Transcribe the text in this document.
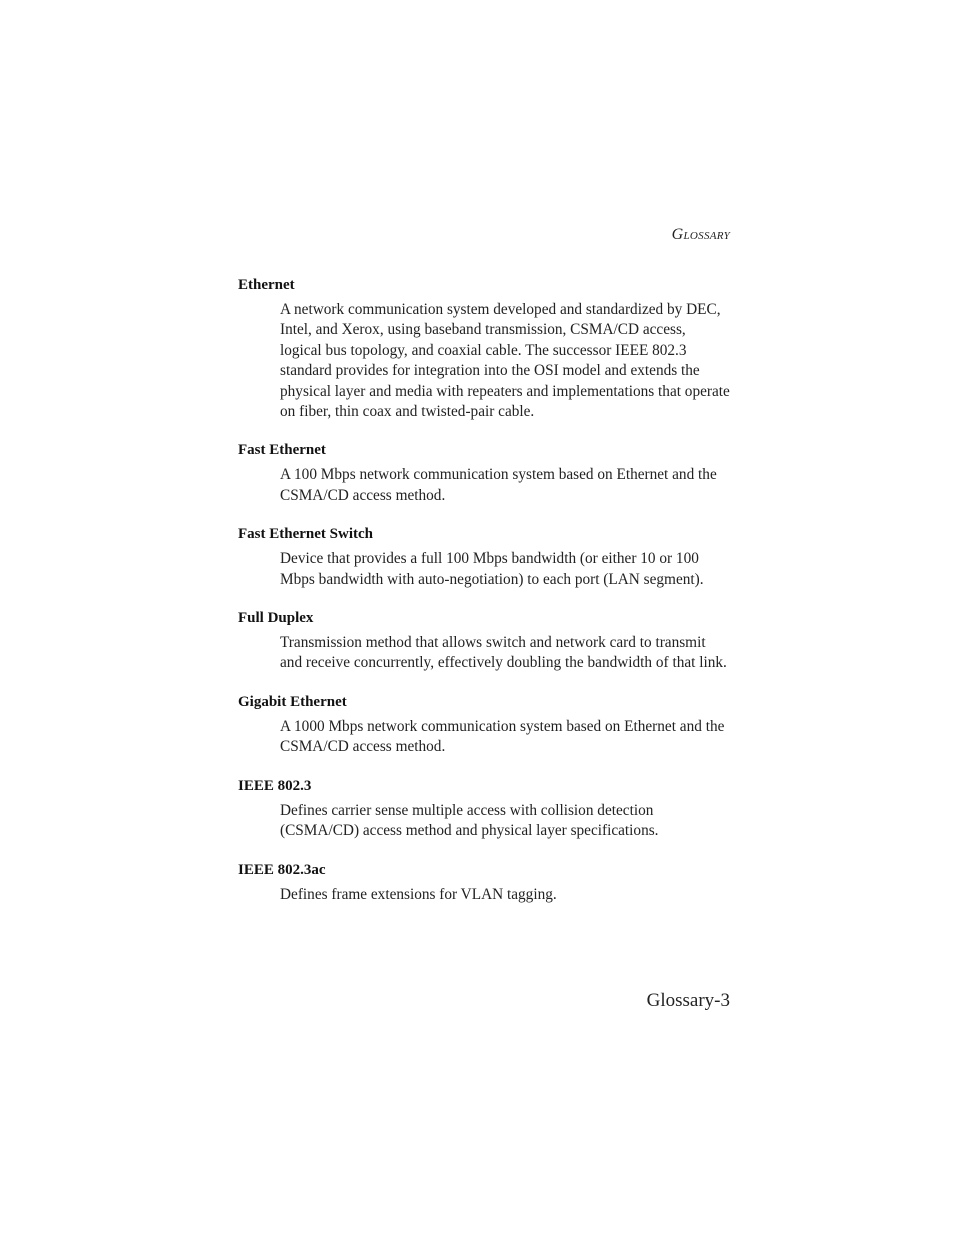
Glossary
Ethernet
A network communication system developed and standardized by DEC, Intel, and Xerox, using baseband transmission, CSMA/CD access, logical bus topology, and coaxial cable. The successor IEEE 802.3 standard provides for integration into the OSI model and extends the physical layer and media with repeaters and implementations that operate on fiber, thin coax and twisted-pair cable.
Fast Ethernet
A 100 Mbps network communication system based on Ethernet and the CSMA/CD access method.
Fast Ethernet Switch
Device that provides a full 100 Mbps bandwidth (or either 10 or 100 Mbps bandwidth with auto-negotiation) to each port (LAN segment).
Full Duplex
Transmission method that allows switch and network card to transmit and receive concurrently, effectively doubling the bandwidth of that link.
Gigabit Ethernet
A 1000 Mbps network communication system based on Ethernet and the CSMA/CD access method.
IEEE 802.3
Defines carrier sense multiple access with collision detection (CSMA/CD) access method and physical layer specifications.
IEEE 802.3ac
Defines frame extensions for VLAN tagging.
Glossary-3
